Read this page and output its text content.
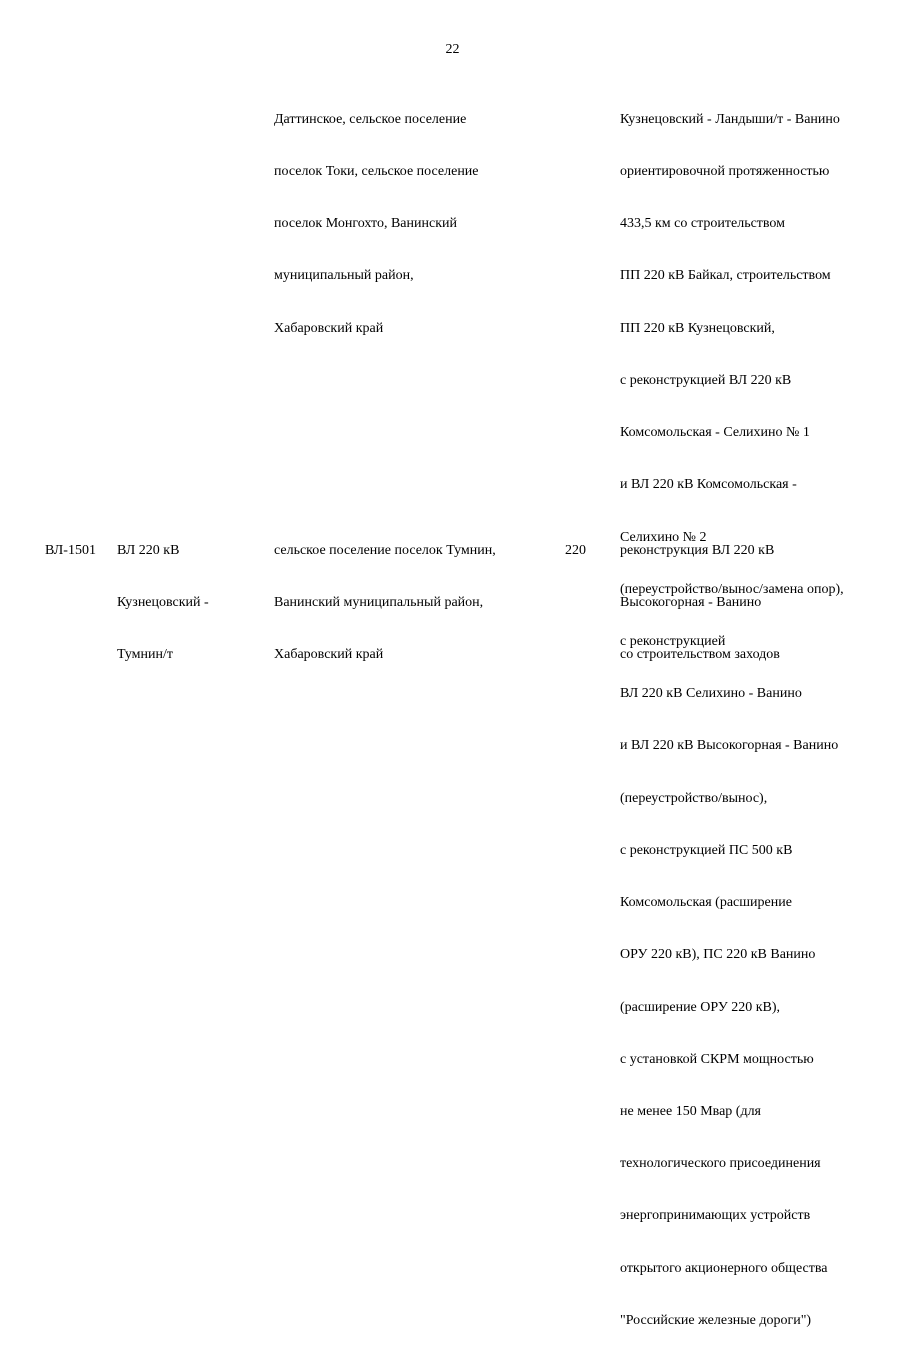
22

Даттинское, сельское поселение

поселок Токи, сельское поселение

поселок Монгохто, Ванинский

муниципальный район,

Хабаровский край

Кузнецовский - Ландыши/т - Ванино

ориентировочной протяженностью

433,5 км со строительством

ПП 220 кВ Байкал, строительством

ПП 220 кВ Кузнецовский,

с реконструкцией ВЛ 220 кВ

Комсомольская - Селихино № 1

и ВЛ 220 кВ Комсомольская -

Селихино № 2

(переустройство/вынос/замена опор),

с реконструкцией

ВЛ 220 кВ Селихино - Ванино

и ВЛ 220 кВ Высокогорная - Ванино

(переустройство/вынос),

с реконструкцией ПС 500 кВ

Комсомольская (расширение

ОРУ 220 кВ), ПС 220 кВ Ванино

(расширение ОРУ 220 кВ),

с установкой СКРМ мощностью

не менее 150 Мвар (для

технологического присоединения

энергопринимающих устройств

открытого акционерного общества

"Российские железные дороги")

ВЛ-1501

ВЛ 220 кВ

Кузнецовский -

Тумнин/т

сельское поселение поселок Тумнин,

Ванинский муниципальный район,

Хабаровский край

220

реконструкция ВЛ 220 кВ

Высокогорная - Ванино

со строительством заходов
